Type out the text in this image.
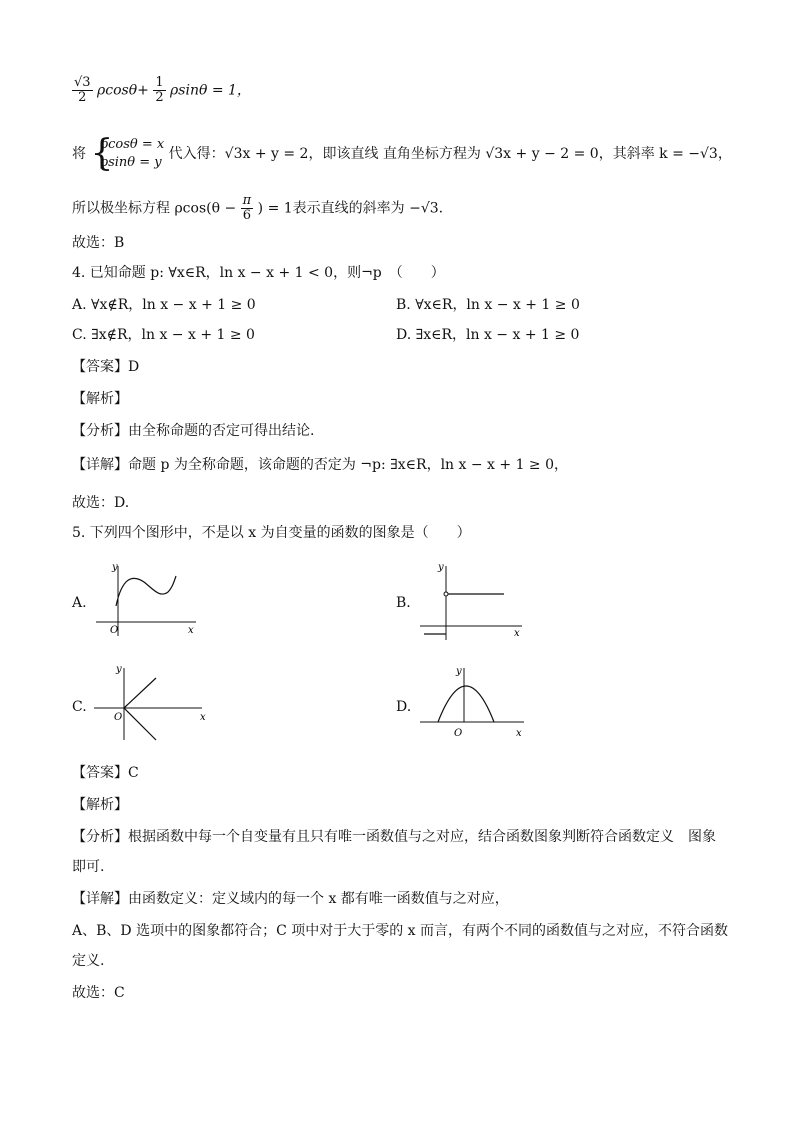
$\frac{√3}{2} \rho\cos\theta+ \frac{1}{2}$ ρsinθ = 1，
将 {
ρcosθ = x
ρsinθ = y
代入得：√3x + y = 2，即该直线 直角坐标方程为 √3x + y − 2 = 0，其斜率 k = −√3，
所以极坐标方程 $\rho\cos(\theta - \frac{\pi}{6}$ ) = 1表示直线的斜率为 −√3.
故选：B
4. 已知命题 p: ∀x∈R，ln x − x + 1 < 0，则¬p　（　　）
A. ∀x∉R，ln x − x + 1 ≥ 0	B. ∀x∈R，ln x − x + 1 ≥ 0
C. ∃x∉R，ln x − x + 1 ≥ 0	D. ∃x∈R，ln x − x + 1 ≥ 0
【答案】D
【解析】
【分析】由全称命题的否定可得出结论.
【详解】命题 p 为全称命题，该命题的否定为 ¬p: ∃x∈R，ln x − x + 1 ≥ 0，
故选：D.
5. 下列四个图形中，不是以 x 为自变量的函数的图象是（　　）
A.	B.
C.	D.
y
x
O
y
x
y
x
O
y
x
O
【答案】C
【解析】
【分析】根据函数中每一个自变量有且只有唯一函数值与之对应，结合函数图象判断符合函数定义　图象
即可.
【详解】由函数定义：定义域内的每一个 x 都有唯一函数值与之对应，
A、B、D 选项中的图象都符合；C 项中对于大于零的 x 而言，有两个不同的函数值与之对应，不符合函数
定义.
故选：C
